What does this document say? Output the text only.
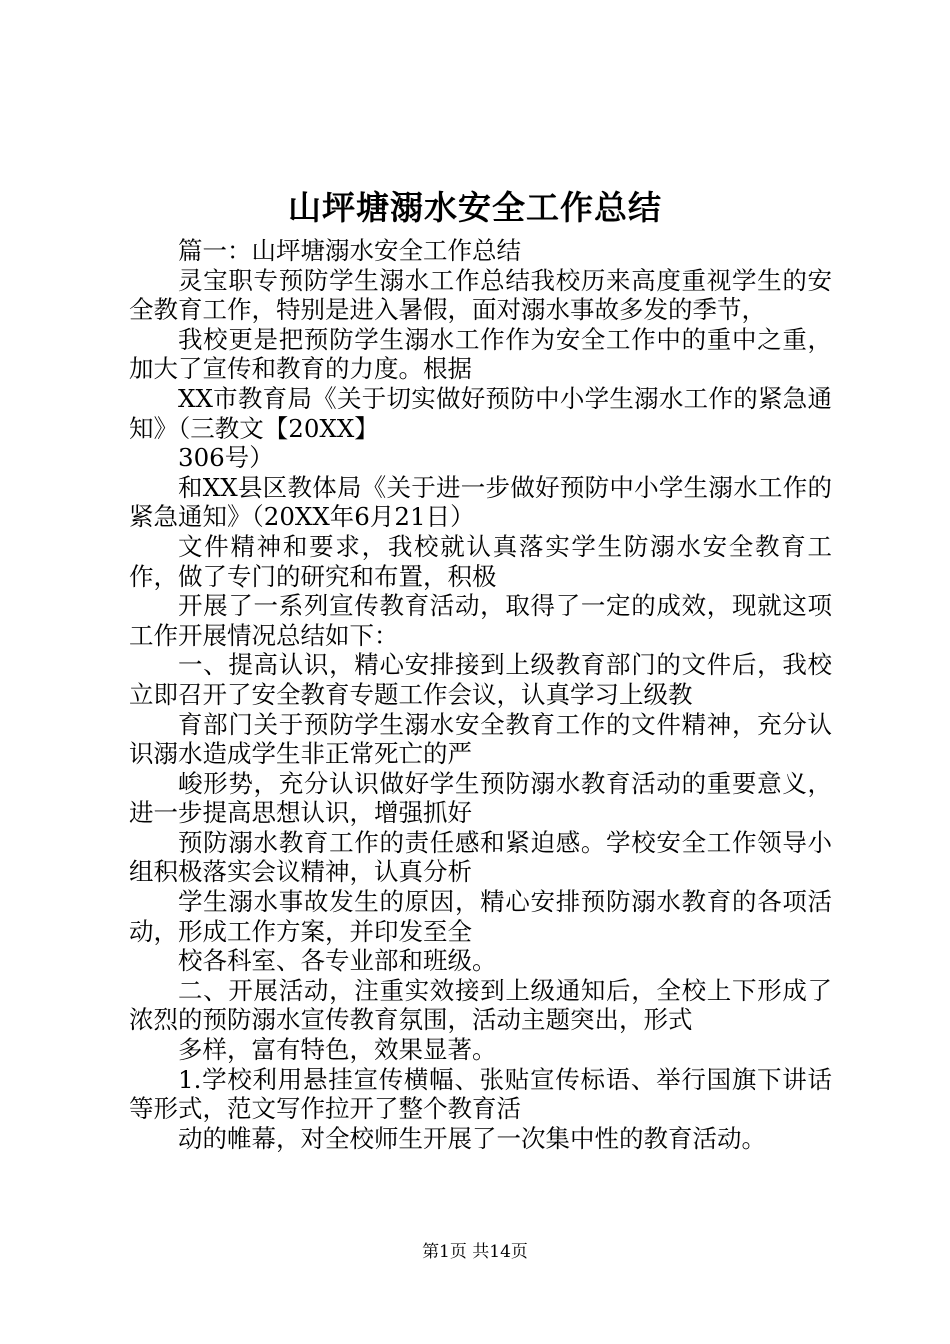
山坪塘溺水安全工作总结

篇一：山坪塘溺水安全工作总结

灵宝职专预防学生溺水工作总结我校历来高度重视学生的安全教育工作，特别是进入暑假，面对溺水事故多发的季节，

我校更是把预防学生溺水工作作为安全工作中的重中之重，加大了宣传和教育的力度。根据

XX市教育局《关于切实做好预防中小学生溺水工作的紧急通知》（三教文【20XX】

306号）

和XX县区教体局《关于进一步做好预防中小学生溺水工作的紧急通知》（20XX年6月21日）

文件精神和要求，我校就认真落实学生防溺水安全教育工作，做了专门的研究和布置，积极

开展了一系列宣传教育活动，取得了一定的成效，现就这项工作开展情况总结如下：

一、提高认识，精心安排接到上级教育部门的文件后，我校立即召开了安全教育专题工作会议，认真学习上级教

育部门关于预防学生溺水安全教育工作的文件精神，充分认识溺水造成学生非正常死亡的严

峻形势，充分认识做好学生预防溺水教育活动的重要意义，进一步提高思想认识，增强抓好

预防溺水教育工作的责任感和紧迫感。学校安全工作领导小组积极落实会议精神，认真分析

学生溺水事故发生的原因，精心安排预防溺水教育的各项活动，形成工作方案，并印发至全

校各科室、各专业部和班级。

二、开展活动，注重实效接到上级通知后，全校上下形成了浓烈的预防溺水宣传教育氛围，活动主题突出，形式

多样，富有特色，效果显著。

1.学校利用悬挂宣传横幅、张贴宣传标语、举行国旗下讲话等形式，范文写作拉开了整个教育活

动的帷幕，对全校师生开展了一次集中性的教育活动。

第1页 共14页
